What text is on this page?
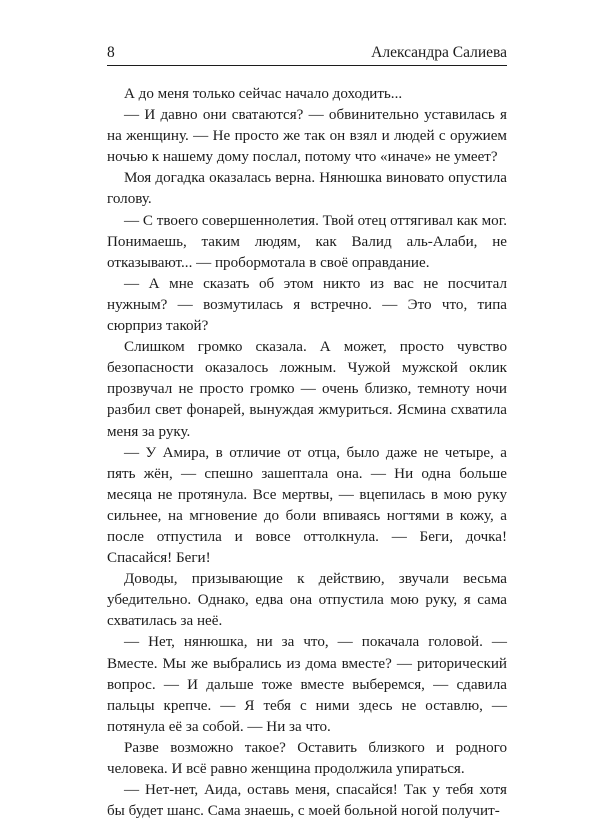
8	Александра Салиева

А до меня только сейчас начало доходить...

— И давно они сватаются? — обвинительно уставилась я на женщину. — Не просто же так он взял и людей с оружием ночью к нашему дому послал, потому что «иначе» не умеет?

Моя догадка оказалась верна. Нянюшка виновато опустила голову.

— С твоего совершеннолетия. Твой отец оттягивал как мог. Понимаешь, таким людям, как Валид аль-Алаби, не отказывают... — пробормотала в своё оправдание.

— А мне сказать об этом никто из вас не посчитал нужным? — возмутилась я встречно. — Это что, типа сюрприз такой?

Слишком громко сказала. А может, просто чувство безопасности оказалось ложным. Чужой мужской оклик прозвучал не просто громко — очень близко, темноту ночи разбил свет фонарей, вынуждая жмуриться. Ясмина схватила меня за руку.

— У Амира, в отличие от отца, было даже не четыре, а пять жён, — спешно зашептала она. — Ни одна больше месяца не протянула. Все мертвы, — вцепилась в мою руку сильнее, на мгновение до боли впиваясь ногтями в кожу, а после отпустила и вовсе оттолкнула. — Беги, дочка! Спасайся! Беги!

Доводы, призывающие к действию, звучали весьма убедительно. Однако, едва она отпустила мою руку, я сама схватилась за неё.

— Нет, нянюшка, ни за что, — покачала головой. — Вместе. Мы же выбрались из дома вместе? — риторический вопрос. — И дальше тоже вместе выберемся, — сдавила пальцы крепче. — Я тебя с ними здесь не оставлю, — потянула её за собой. — Ни за что.

Разве возможно такое? Оставить близкого и родного человека. И всё равно женщина продолжила упираться.

— Нет-нет, Аида, оставь меня, спасайся! Так у тебя хотя бы будет шанс. Сама знаешь, с моей больной ногой получит-
